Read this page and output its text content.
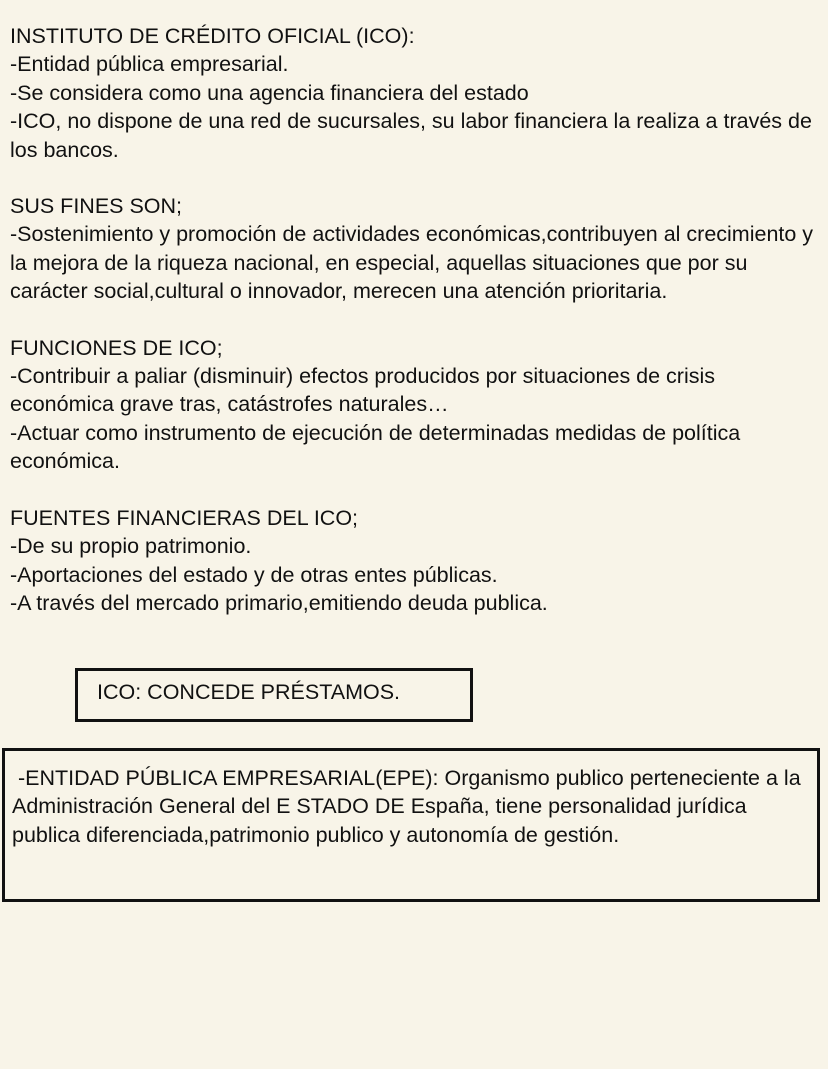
INSTITUTO DE CRÉDITO OFICIAL (ICO):
-Entidad pública empresarial.
-Se considera como una agencia financiera del estado
-ICO, no dispone de una red de sucursales, su labor financiera la realiza a través de los bancos.
SUS FINES SON;
-Sostenimiento y promoción de actividades económicas,contribuyen al crecimiento y la mejora de la riqueza nacional, en especial, aquellas situaciones que por su carácter social,cultural o innovador, merecen una atención prioritaria.
FUNCIONES DE ICO;
-Contribuir a paliar (disminuir) efectos producidos por situaciones de crisis económica grave tras, catástrofes naturales…
-Actuar como instrumento de ejecución de determinadas medidas de política económica.
FUENTES FINANCIERAS DEL ICO;
-De su propio patrimonio.
-Aportaciones del estado y de otras entes públicas.
-A través del mercado primario,emitiendo deuda publica.
ICO: CONCEDE PRÉSTAMOS.
-ENTIDAD PÚBLICA EMPRESARIAL(EPE): Organismo publico perteneciente a la Administración General del E STADO DE España, tiene personalidad jurídica publica diferenciada,patrimonio publico y autonomía de gestión.
